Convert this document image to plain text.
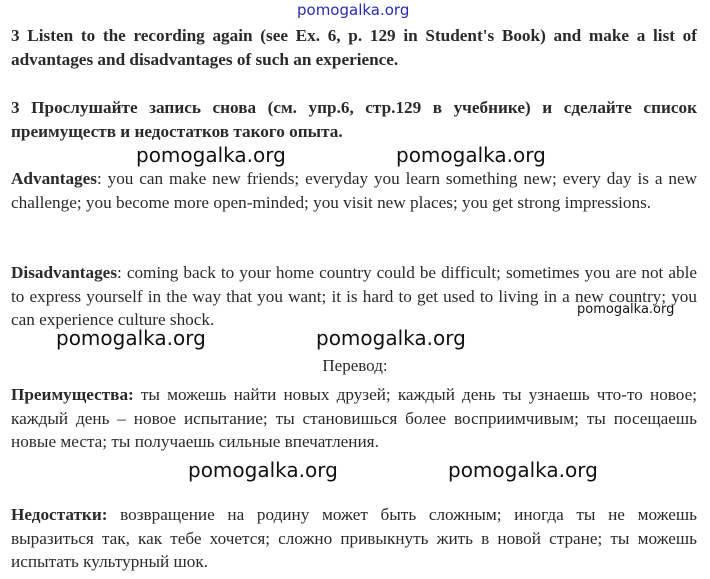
pomogalka.org
3 Listen to the recording again (see Ex. 6, p. 129 in Student's Book) and make a list of advantages and disadvantages of such an experience.
3 Прослушайте запись снова (см. упр.6, стр.129 в учебнике) и сделайте список преимуществ и недостатков такого опыта.
pomogalka.org	pomogalka.org
Advantages: you can make new friends; everyday you learn something new; every day is a new challenge; you become more open-minded; you visit new places; you get strong impressions.
Disadvantages: coming back to your home country could be difficult; sometimes you are not able to express yourself in the way that you want; it is hard to get used to living in a new country; you can experience culture shock.
pomogalka.org
pomogalka.org	pomogalka.org
Перевод:
Преимущества: ты можешь найти новых друзей; каждый день ты узнаешь что-то новое; каждый день – новое испытание; ты становишься более восприимчивым; ты посещаешь новые места; ты получаешь сильные впечатления.
pomogalka.org	pomogalka.org
Недостатки: возвращение на родину может быть сложным; иногда ты не можешь выразиться так, как тебе хочется; сложно привыкнуть жить в новой стране; ты можешь испытать культурный шок.
